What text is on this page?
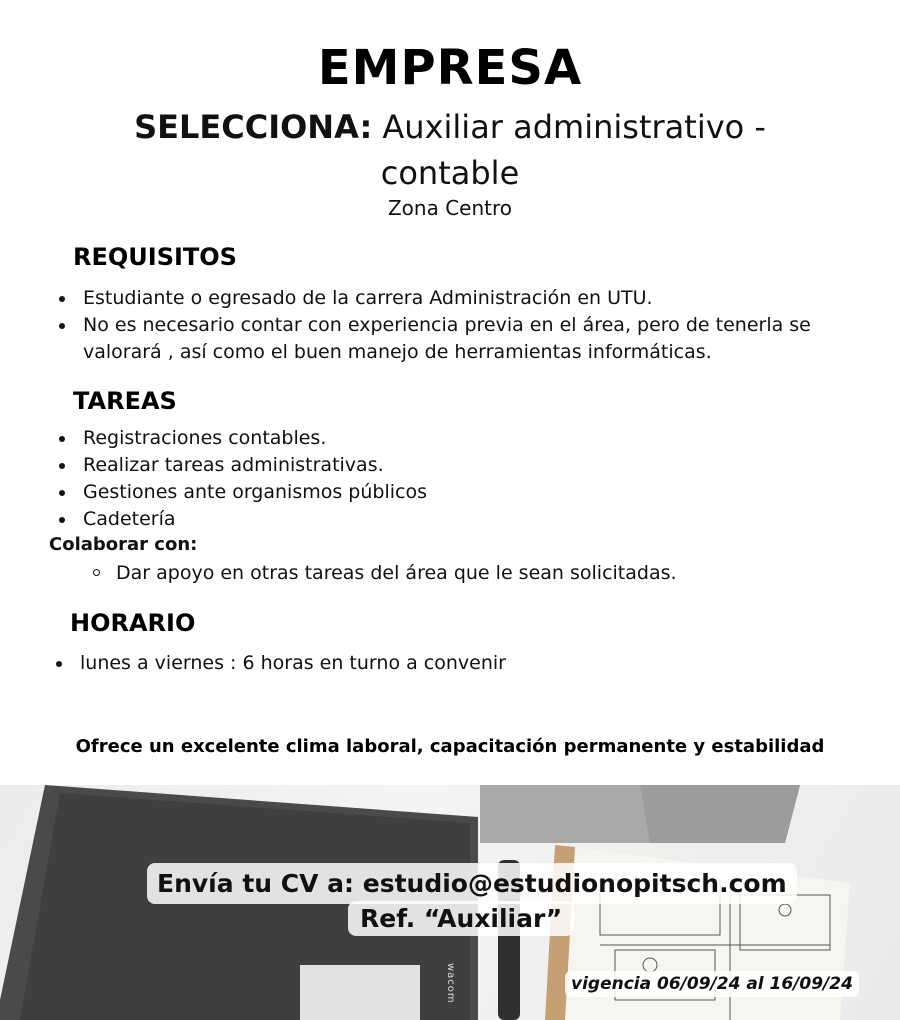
EMPRESA
SELECCIONA: Auxiliar administrativo - contable
Zona Centro
REQUISITOS
Estudiante o egresado de la carrera Administración en UTU.
No es necesario contar con experiencia previa en el área, pero de tenerla se valorará , así como el buen manejo de herramientas informáticas.
TAREAS
Registraciones contables.
Realizar tareas administrativas.
Gestiones ante organismos públicos
Cadetería
Colaborar con:
Dar apoyo en otras tareas del área que le sean solicitadas.
HORARIO
lunes a viernes : 6 horas en turno a convenir
Ofrece un excelente clima laboral, capacitación permanente y estabilidad
Envía tu CV a: estudio@estudionopitsch.com
Ref. “Auxiliar”
vigencia 06/09/24 al 16/09/24
wacom
